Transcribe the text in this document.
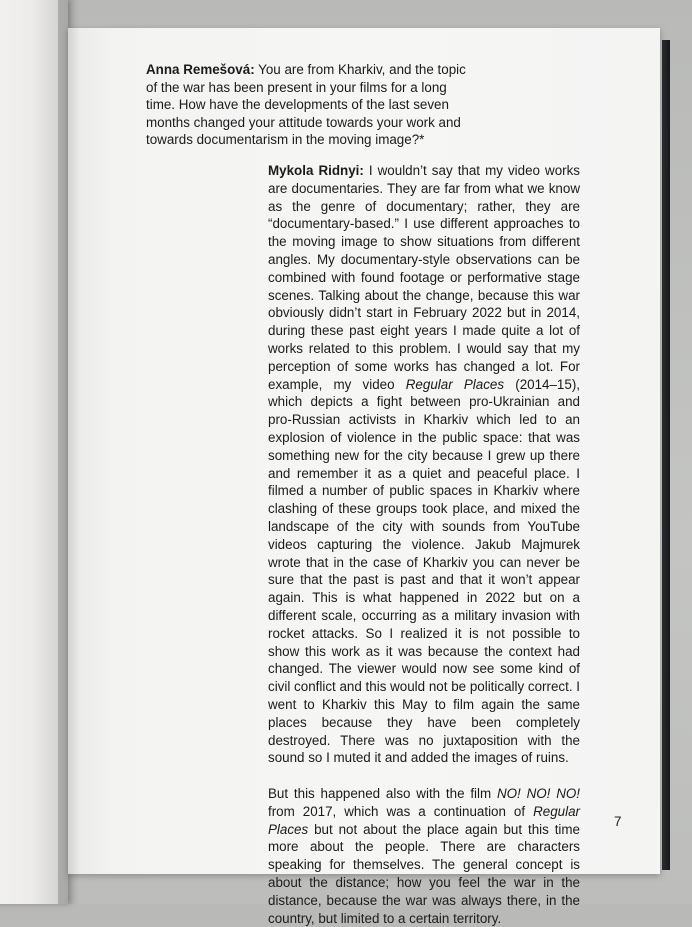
Anna Remešová: You are from Kharkiv, and the topic of the war has been present in your films for a long time. How have the developments of the last seven months changed your attitude towards your work and towards documentarism in the moving image?*

Mykola Ridnyi: I wouldn’t say that my video works are documentaries. They are far from what we know as the genre of documentary; rather, they are “documentary-based.” I use different approaches to the moving image to show situations from different angles. My documentary-style observations can be combined with found footage or performative stage scenes. Talking about the change, because this war obviously didn’t start in February 2022 but in 2014, during these past eight years I made quite a lot of works related to this problem. I would say that my perception of some works has changed a lot. For example, my video Regular Places (2014–15), which depicts a fight between pro-Ukrainian and pro-Russian activists in Kharkiv which led to an explosion of violence in the public space: that was something new for the city because I grew up there and remember it as a quiet and peaceful place. I filmed a number of public spaces in Kharkiv where clashing of these groups took place, and mixed the landscape of the city with sounds from YouTube videos capturing the violence. Jakub Majmurek wrote that in the case of Kharkiv you can never be sure that the past is past and that it won’t appear again. This is what happened in 2022 but on a different scale, occurring as a military invasion with rocket attacks. So I realized it is not possible to show this work as it was because the context had changed. The viewer would now see some kind of civil conflict and this would not be politically correct. I went to Kharkiv this May to film again the same places because they have been completely destroyed. There was no juxtaposition with the sound so I muted it and added the images of ruins.

But this happened also with the film NO! NO! NO! from 2017, which was a continuation of Regular Places but not about the place again but this time more about the people. There are characters speaking for themselves. The general concept is about the distance; how you feel the war in the distance, because the war was always there, in the country, but limited to a certain territory.

7
